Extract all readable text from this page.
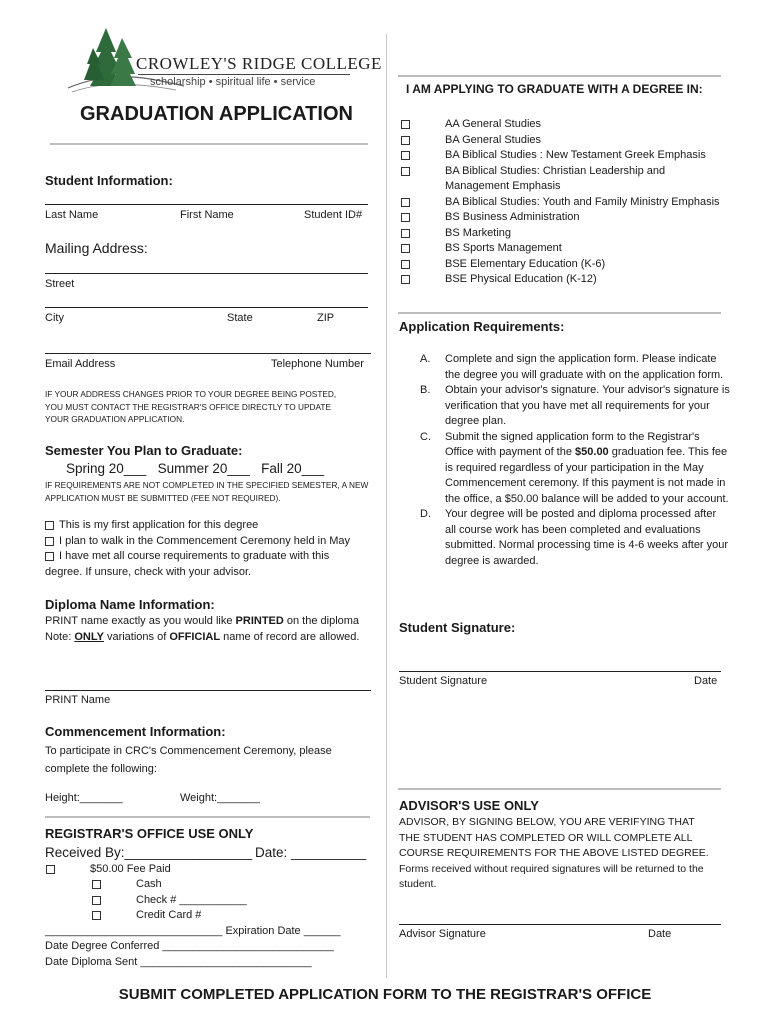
CROWLEY'S RIDGE COLLEGE
scholarship • spiritual life • service
GRADUATION APPLICATION
Student Information:
Last Name	First Name	Student ID#
Mailing Address:
Street
City	State	ZIP
Email Address	Telephone Number
IF YOUR ADDRESS CHANGES PRIOR TO YOUR DEGREE BEING POSTED, YOU MUST CONTACT THE REGISTRAR'S OFFICE DIRECTLY TO UPDATE YOUR GRADUATION APPLICATION.
Semester You Plan to Graduate:
Spring 20___   Summer 20___   Fall 20___
IF REQUIREMENTS ARE NOT COMPLETED IN THE SPECIFIED SEMESTER, A NEW APPLICATION MUST BE SUBMITTED (FEE NOT REQUIRED).
This is my first application for this degree
I plan to walk in the Commencement Ceremony held in May
I have met all course requirements to graduate with this degree. If unsure, check with your advisor.
Diploma Name Information:
PRINT name exactly as you would like PRINTED on the diploma
Note: ONLY variations of OFFICIAL name of record are allowed.
PRINT Name
Commencement Information:
To participate in CRC's Commencement Ceremony, please complete the following:
Height:_______	Weight:_______
REGISTRAR'S OFFICE USE ONLY
Received By:_________________ Date: __________
$50.00 Fee Paid
Cash
Check # ___________
Credit Card #
_____________________________ Expiration Date ______
Date Degree Conferred ____________________________
Date Diploma Sent ____________________________
I AM APPLYING TO GRADUATE WITH A DEGREE IN:
AA General Studies
BA General Studies
BA Biblical Studies : New Testament Greek Emphasis
BA Biblical Studies: Christian Leadership and Management Emphasis
BA Biblical Studies: Youth and Family Ministry Emphasis
BS Business Administration
BS Marketing
BS Sports Management
BSE Elementary Education (K-6)
BSE Physical Education (K-12)
Application Requirements:
A. Complete and sign the application form. Please indicate the degree you will graduate with on the application form.
B. Obtain your advisor's signature. Your advisor's signature is verification that you have met all requirements for your degree plan.
C. Submit the signed application form to the Registrar's Office with payment of the $50.00 graduation fee. This fee is required regardless of your participation in the May Commencement ceremony. If this payment is not made in the office, a $50.00 balance will be added to your account.
D. Your degree will be posted and diploma processed after all course work has been completed and evaluations submitted. Normal processing time is 4-6 weeks after your degree is awarded.
Student Signature:
Student Signature	Date
ADVISOR'S USE ONLY
ADVISOR, BY SIGNING BELOW, YOU ARE VERIFYING THAT THE STUDENT HAS COMPLETED OR WILL COMPLETE ALL COURSE REQUIREMENTS FOR THE ABOVE LISTED DEGREE. Forms received without required signatures will be returned to the student.
Advisor Signature	Date
SUBMIT COMPLETED APPLICATION FORM TO THE REGISTRAR'S OFFICE
